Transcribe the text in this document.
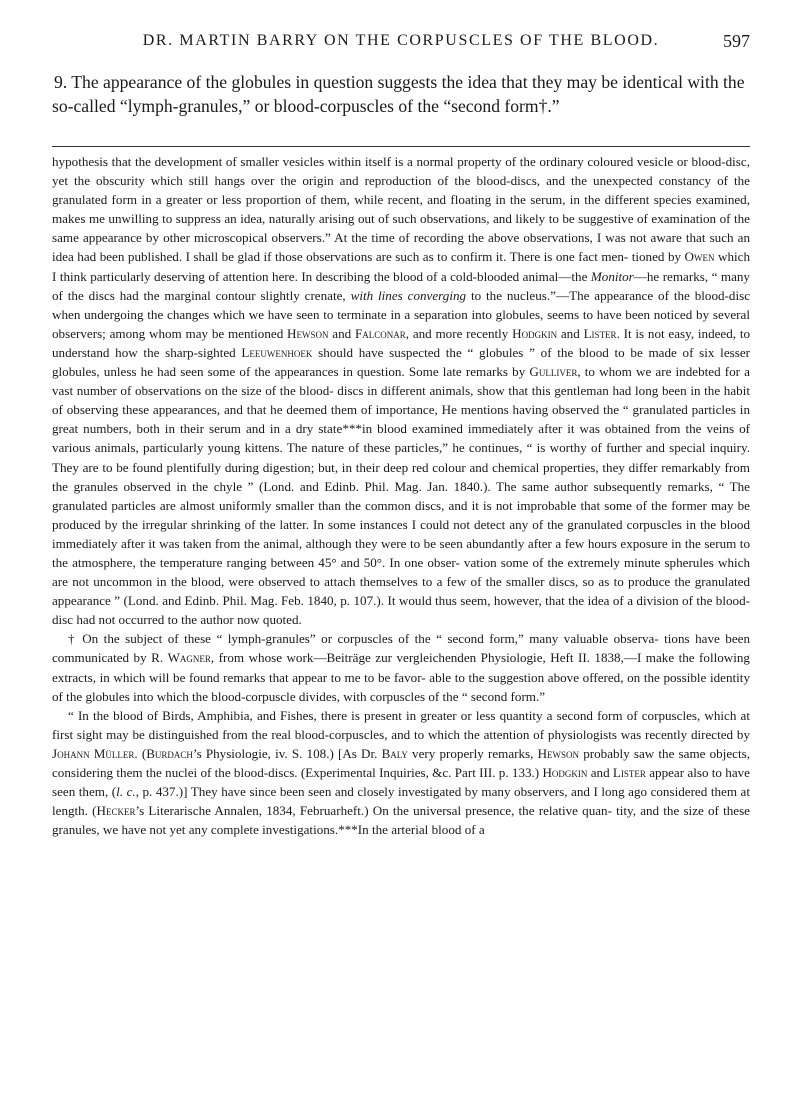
DR. MARTIN BARRY ON THE CORPUSCLES OF THE BLOOD.	597

9. The appearance of the globules in question suggests the idea that they may be identical with the so-called “lymph-granules,” or blood-corpuscles of the “second form†.”

hypothesis that the development of smaller vesicles within itself is a normal property of the ordinary coloured vesicle or blood-disc, yet the obscurity which still hangs over the origin and reproduction of the blood-discs, and the unexpected constancy of the granulated form in a greater or less proportion of them, while recent, and floating in the serum, in the different species examined, makes me unwilling to suppress an idea, naturally arising out of such observations, and likely to be suggestive of examination of the same appearance by other microscopical observers.” At the time of recording the above observations, I was not aware that such an idea had been published. I shall be glad if those observations are such as to confirm it. There is one fact men- tioned by Owen which I think particularly deserving of attention here. In describing the blood of a cold-blooded animal—the Monitor—he remarks, “ many of the discs had the marginal contour slightly crenate, with lines converging to the nucleus.”—The appearance of the blood-disc when undergoing the changes which we have seen to terminate in a separation into globules, seems to have been noticed by several observers; among whom may be mentioned Hewson and Falconar, and more recently Hodgkin and Lister. It is not easy, indeed, to understand how the sharp-sighted Leeuwenhoek should have suspected the “ globules ” of the blood to be made of six lesser globules, unless he had seen some of the appearances in question. Some late remarks by Gulliver, to whom we are indebted for a vast number of observations on the size of the blood- discs in different animals, show that this gentleman had long been in the habit of observing these appearances, and that he deemed them of importance, He mentions having observed the “ granulated particles in great numbers, both in their serum and in a dry state***in blood examined immediately after it was obtained from the veins of various animals, particularly young kittens. The nature of these particles,” he continues, “ is worthy of further and special inquiry. They are to be found plentifully during digestion; but, in their deep red colour and chemical properties, they differ remarkably from the granules observed in the chyle ” (Lond. and Edinb. Phil. Mag. Jan. 1840.). The same author subsequently remarks, “ The granulated particles are almost uniformly smaller than the common discs, and it is not improbable that some of the former may be produced by the irregular shrinking of the latter. In some instances I could not detect any of the granulated corpuscles in the blood immediately after it was taken from the animal, although they were to be seen abundantly after a few hours exposure in the serum to the atmosphere, the temperature ranging between 45° and 50°. In one obser- vation some of the extremely minute spherules which are not uncommon in the blood, were observed to attach themselves to a few of the smaller discs, so as to produce the granulated appearance ” (Lond. and Edinb. Phil. Mag. Feb. 1840, p. 107.). It would thus seem, however, that the idea of a division of the blood-disc had not occurred to the author now quoted.

† On the subject of these “ lymph-granules” or corpuscles of the “ second form,” many valuable observa- tions have been communicated by R. Wagner, from whose work—Beiträge zur vergleichenden Physiologie, Heft II. 1838,—I make the following extracts, in which will be found remarks that appear to me to be favor- able to the suggestion above offered, on the possible identity of the globules into which the blood-corpuscle divides, with corpuscles of the “ second form.”

“ In the blood of Birds, Amphibia, and Fishes, there is present in greater or less quantity a second form of corpuscles, which at first sight may be distinguished from the real blood-corpuscles, and to which the attention of physiologists was recently directed by Johann Müller. (Burdach’s Physiologie, iv. S. 108.) [As Dr. Baly very properly remarks, Hewson probably saw the same objects, considering them the nuclei of the blood-discs. (Experimental Inquiries, &c. Part III. p. 133.) Hodgkin and Lister appear also to have seen them, (l. c., p. 437.)] They have since been seen and closely investigated by many observers, and I long ago considered them at length. (Hecker’s Literarische Annalen, 1834, Februarheft.) On the universal presence, the relative quan- tity, and the size of these granules, we have not yet any complete investigations.***In the arterial blood of a
